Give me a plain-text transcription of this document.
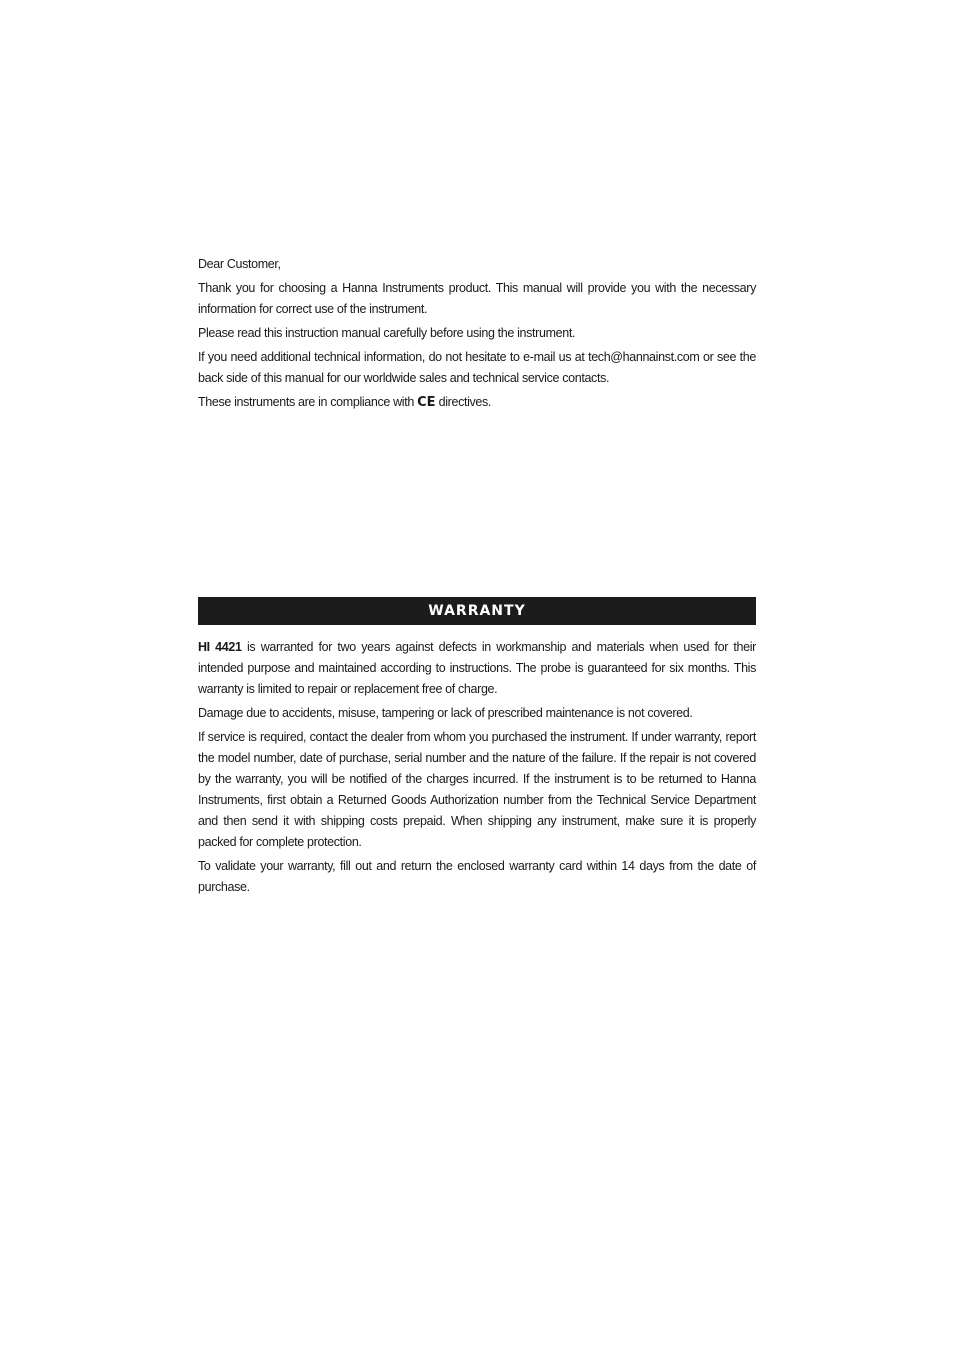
Dear Customer,

Thank you for choosing a Hanna Instruments product. This manual will provide you with the necessary information for correct use of the instrument.

Please read this instruction manual carefully before using the instrument.

If you need additional technical information, do not hesitate to e-mail us at tech@hannainst.com or see the back side of this manual for our worldwide sales and technical service contacts.

These instruments are in compliance with CE directives.

WARRANTY

HI 4421 is warranted for two years against defects in workmanship and materials when used for their intended purpose and maintained according to instructions. The probe is guaranteed for six months. This warranty is limited to repair or replacement free of charge.

Damage due to accidents, misuse, tampering or lack of prescribed maintenance is not covered.

If service is required, contact the dealer from whom you purchased the instrument. If under warranty, report the model number, date of purchase, serial number and the nature of the failure. If the repair is not covered by the warranty, you will be notified of the charges incurred. If the instrument is to be returned to Hanna Instruments, first obtain a Returned Goods Authorization number from the Technical Service Department and then send it with shipping costs prepaid. When shipping any instrument, make sure it is properly packed for complete protection.

To validate your warranty, fill out and return the enclosed warranty card within 14 days from the date of purchase.
